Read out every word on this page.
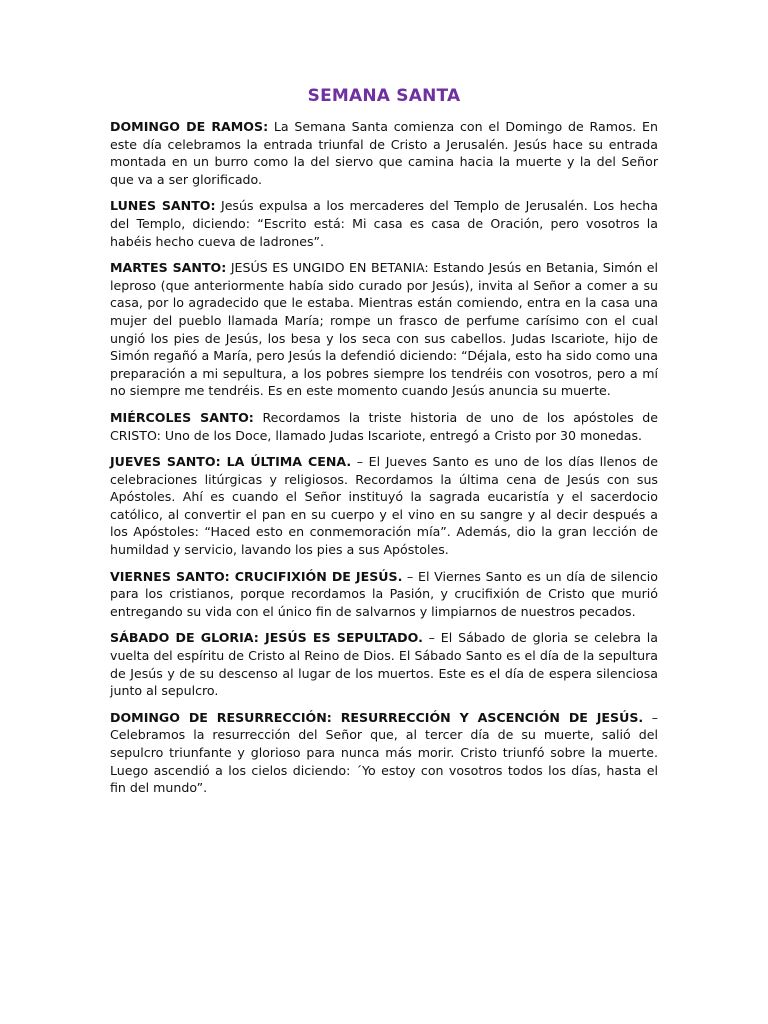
SEMANA SANTA

DOMINGO DE RAMOS: La Semana Santa comienza con el Domingo de Ramos. En este día celebramos la entrada triunfal de Cristo a Jerusalén. Jesús hace su entrada montada en un burro como la del siervo que camina hacia la muerte y la del Señor que va a ser glorificado.

LUNES SANTO: Jesús expulsa a los mercaderes del Templo de Jerusalén. Los hecha del Templo, diciendo: “Escrito está: Mi casa es casa de Oración, pero vosotros la habéis hecho cueva de ladrones”.

MARTES SANTO: JESÚS ES UNGIDO EN BETANIA: Estando Jesús en Betania, Simón el leproso (que anteriormente había sido curado por Jesús), invita al Señor a comer a su casa, por lo agradecido que le estaba. Mientras están comiendo, entra en la casa una mujer del pueblo llamada María; rompe un frasco de perfume carísimo con el cual ungió los pies de Jesús, los besa y los seca con sus cabellos. Judas Iscariote, hijo de Simón regañó a María, pero Jesús la defendió diciendo: “Déjala, esto ha sido como una preparación a mi sepultura, a los pobres siempre los tendréis con vosotros, pero a mí no siempre me tendréis. Es en este momento cuando Jesús anuncia su muerte.

MIÉRCOLES SANTO: Recordamos la triste historia de uno de los apóstoles de CRISTO: Uno de los Doce, llamado Judas Iscariote, entregó a Cristo por 30 monedas.

JUEVES SANTO: LA ÚLTIMA CENA. – El Jueves Santo es uno de los días llenos de celebraciones litúrgicas y religiosos. Recordamos la última cena de Jesús con sus Apóstoles. Ahí es cuando el Señor instituyó la sagrada eucaristía y el sacerdocio católico, al convertir el pan en su cuerpo y el vino en su sangre y al decir después a los Apóstoles: “Haced esto en conmemoración mía”. Además, dio la gran lección de humildad y servicio, lavando los pies a sus Apóstoles.

VIERNES SANTO: CRUCIFIXIÓN DE JESÚS. – El Viernes Santo es un día de silencio para los cristianos, porque recordamos la Pasión, y crucifixión de Cristo que murió entregando su vida con el único fin de salvarnos y limpiarnos de nuestros pecados.

SÁBADO DE GLORIA: JESÚS ES SEPULTADO. – El Sábado de gloria se celebra la vuelta del espíritu de Cristo al Reino de Dios. El Sábado Santo es el día de la sepultura de Jesús y de su descenso al lugar de los muertos. Este es el día de espera silenciosa junto al sepulcro.

DOMINGO DE RESURRECCIÓN: RESURRECCIÓN Y ASCENCIÓN DE JESÚS. – Celebramos la resurrección del Señor que, al tercer día de su muerte, salió del sepulcro triunfante y glorioso para nunca más morir. Cristo triunfó sobre la muerte. Luego ascendió a los cielos diciendo: ´Yo estoy con vosotros todos los días, hasta el fin del mundo”.
